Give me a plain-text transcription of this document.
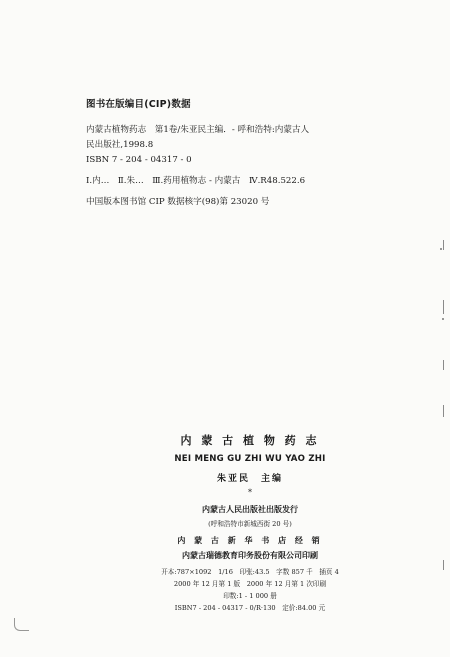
图书在版编目(CIP)数据
内蒙古植物药志　第1卷/朱亚民主编．- 呼和浩特:内蒙古人
民出版社,1998.8
ISBN 7 - 204 - 04317 - 0
Ⅰ.内…　Ⅱ.朱…　Ⅲ.药用植物志 - 内蒙古　Ⅳ.R48.522.6
中国版本图书馆 CIP 数据核字(98)第 23020 号
内 蒙 古 植 物 药 志
NEI MENG GU ZHI WU YAO ZHI
朱亚民　主编
*
内蒙古人民出版社出版发行
(呼和浩特市新城西街 20 号)
内 蒙 古 新 华 书 店 经 销
内蒙古瑞德教育印务股份有限公司印刷
开本:787×1092　1/16　印张:43.5　字数 857 千　插页 4
2000 年 12 月第 1 版　2000 年 12 月第 1 次印刷
印数:1 - 1 000 册
ISBN7 - 204 - 04317 - 0/R·130　定价:84.00 元
